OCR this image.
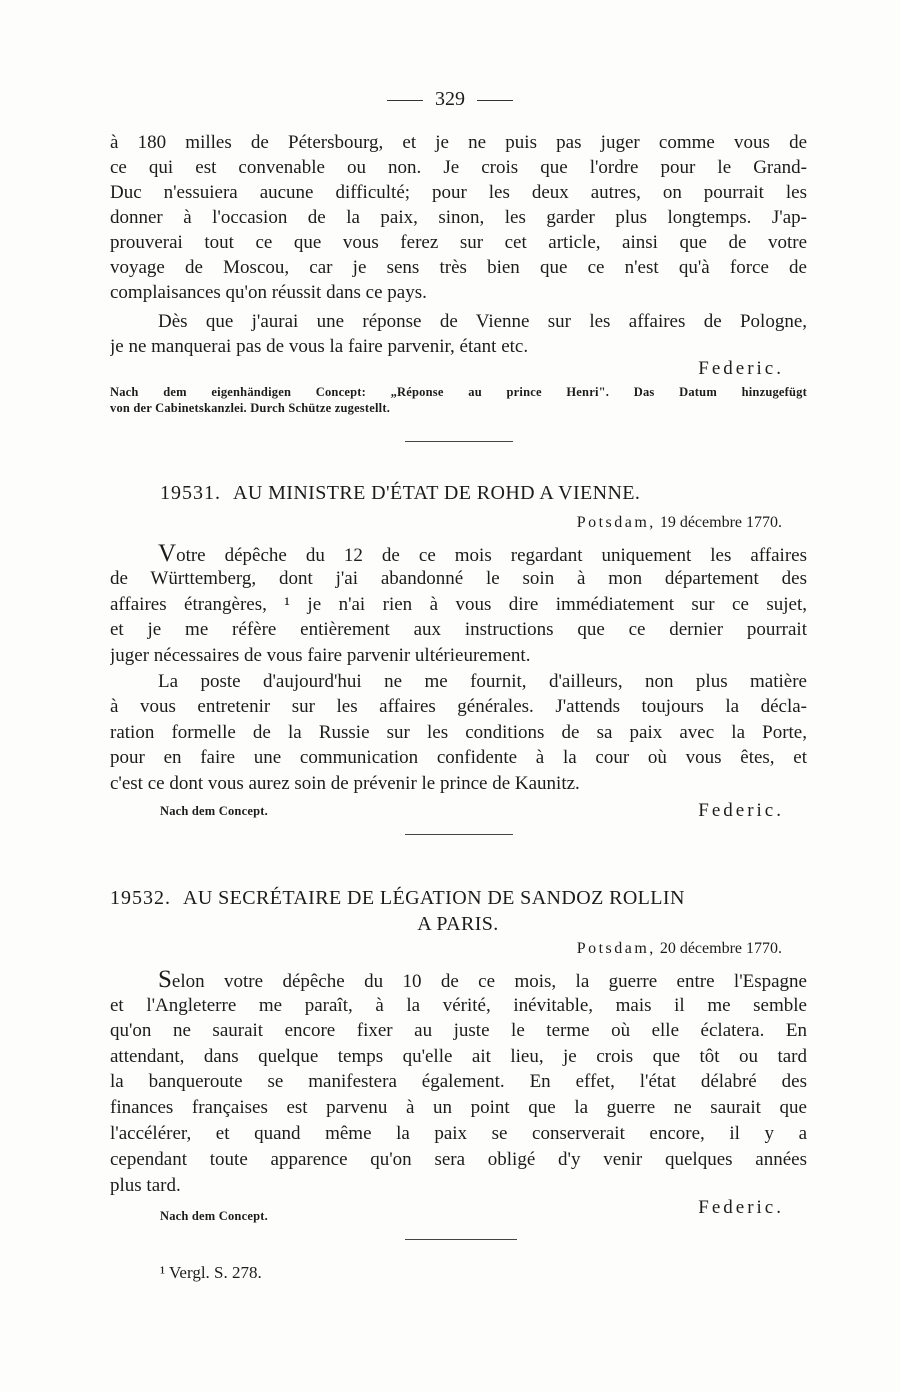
329
à 180 milles de Pétersbourg, et je ne puis pas juger comme vous de
ce qui est convenable ou non. Je crois que l'ordre pour le Grand-
Duc n'essuiera aucune difficulté; pour les deux autres, on pourrait les
donner à l'occasion de la paix, sinon, les garder plus longtemps. J'ap-
prouverai tout ce que vous ferez sur cet article, ainsi que de votre
voyage de Moscou, car je sens très bien que ce n'est qu'à force de
complaisances qu'on réussit dans ce pays.
Dès que j'aurai une réponse de Vienne sur les affaires de Pologne,
je ne manquerai pas de vous la faire parvenir, étant etc.
Federic.
Nach dem eigenhändigen Concept: „Réponse au prince Henri". Das Datum hinzugefügt
von der Cabinetskanzlei. Durch Schütze zugestellt.
19531. AU MINISTRE D'ÉTAT DE ROHD A VIENNE.
Potsdam, 19 décembre 1770.
Votre dépêche du 12 de ce mois regardant uniquement les affaires
de Württemberg, dont j'ai abandonné le soin à mon département des
affaires étrangères, ¹ je n'ai rien à vous dire immédiatement sur ce sujet,
et je me réfère entièrement aux instructions que ce dernier pourrait
juger nécessaires de vous faire parvenir ultérieurement.
La poste d'aujourd'hui ne me fournit, d'ailleurs, non plus matière
à vous entretenir sur les affaires générales. J'attends toujours la décla-
ration formelle de la Russie sur les conditions de sa paix avec la Porte,
pour en faire une communication confidente à la cour où vous êtes, et
c'est ce dont vous aurez soin de prévenir le prince de Kaunitz.
Nach dem Concept.	Federic.
19532. AU SECRÉTAIRE DE LÉGATION DE SANDOZ ROLLIN
A PARIS.
Potsdam, 20 décembre 1770.
Selon votre dépêche du 10 de ce mois, la guerre entre l'Espagne
et l'Angleterre me paraît, à la vérité, inévitable, mais il me semble
qu'on ne saurait encore fixer au juste le terme où elle éclatera. En
attendant, dans quelque temps qu'elle ait lieu, je crois que tôt ou tard
la banqueroute se manifestera également. En effet, l'état délabré des
finances françaises est parvenu à un point que la guerre ne saurait que
l'accélérer, et quand même la paix se conserverait encore, il y a
cependant toute apparence qu'on sera obligé d'y venir quelques années
plus tard.
Nach dem Concept.	Federic.
¹ Vergl. S. 278.
